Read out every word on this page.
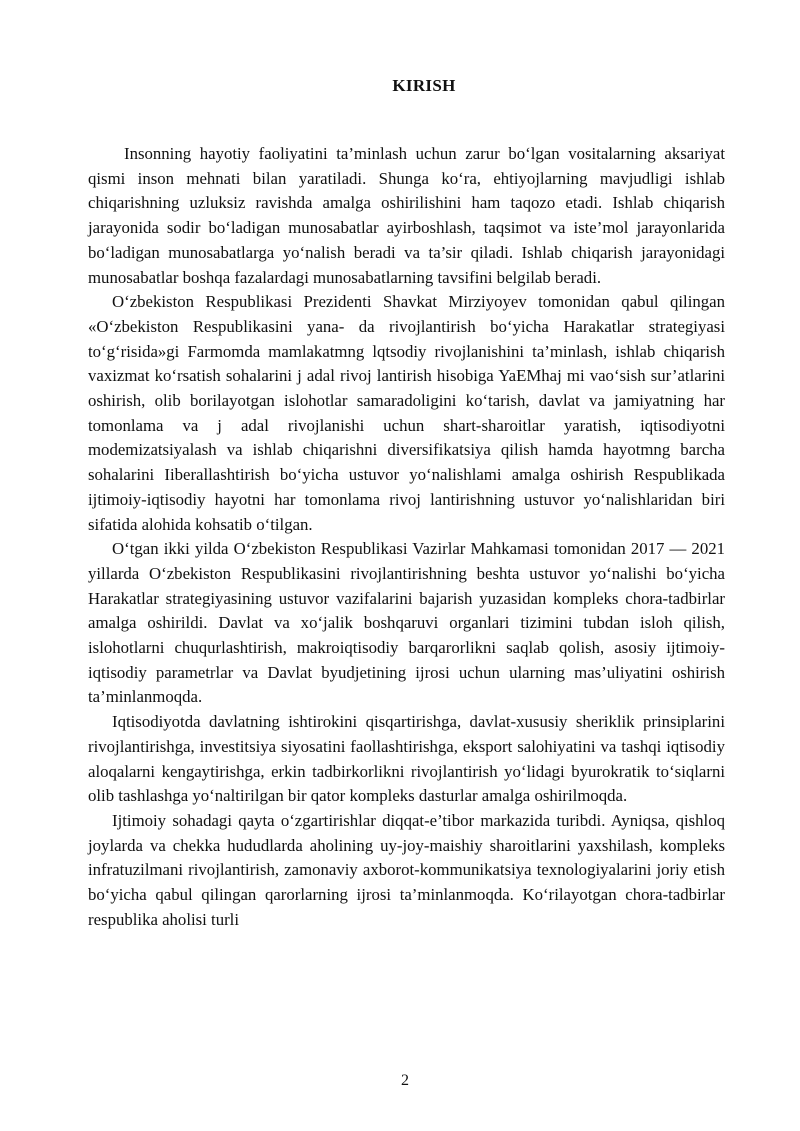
KIRISH

Insonning hayotiy faoliyatini ta’minlash uchun zarur bo‘lgan vositalarning aksariyat qismi inson mehnati bilan yaratiladi. Shunga ko‘ra, ehtiyojlarning mavjudligi ishlab chiqarishning uzluksiz ravishda amalga oshirilishini ham taqozo etadi. Ishlab chiqarish jarayonida sodir bo‘ladigan munosabatlar ayirboshlash, taqsimot va iste’mol jarayonlarida bo‘ladigan munosabatlarga yo‘nalish beradi va ta’sir qiladi. Ishlab chiqarish jarayonidagi munosabatlar boshqa fazalardagi munosabatlarning tavsifini belgilab beradi.

O‘zbekiston Respublikasi Prezidenti Shavkat Mirziyoyev tomonidan qabul qilingan «O‘zbekiston Respublikasini yana- da rivojlantirish bo‘yicha Harakatlar strategiyasi to‘g‘risida»gi Farmomda mamlakatmng lqtsodiy rivojlanishini ta’minlash, ishlab chiqarish vaxizmat ko‘rsatish sohalarini j adal rivoj lantirish hisobiga YaEMhaj mi vao‘sish sur’atlarini oshirish, olib borilayotgan islohotlar samaradoligini ko‘tarish, davlat va jamiyatning har tomonlama va j adal rivojlanishi uchun shart-sharoitlar yaratish, iqtisodiyotni modemizatsiyalash va ishlab chiqarishni diversifikatsiya qilish hamda hayotmng barcha sohalarini Iiberallashtirish bo‘yicha ustuvor yo‘nalishlami amalga oshirish Respublikada ijtimoiy-iqtisodiy hayotni har tomonlama rivoj lantirishning ustuvor yo‘nalishlaridan biri sifatida alohida kohsatib o‘tilgan.

O‘tgan ikki yilda O‘zbekiston Respublikasi Vazirlar Mahkamasi tomonidan 2017 — 2021 yillarda O‘zbekiston Respublikasini rivojlantirishning beshta ustuvor yo‘nalishi bo‘yicha Harakatlar strategiyasining ustuvor vazifalarini bajarish yuzasidan kompleks chora-tadbirlar amalga oshirildi. Davlat va xo‘jalik boshqaruvi organlari tizimini tubdan isloh qilish, islohotlarni chuqurlashtirish, makroiqtisodiy barqarorlikni saqlab qolish, asosiy ijtimoiy-iqtisodiy parametrlar va Davlat byudjetining ijrosi uchun ularning mas’uliyatini oshirish ta’minlanmoqda.

Iqtisodiyotda davlatning ishtirokini qisqartirishga, davlat-xususiy sheriklik prinsiplarini rivojlantirishga, investitsiya siyosatini faollashtirishga, eksport salohiyatini va tashqi iqtisodiy aloqalarni kengaytirishga, erkin tadbirkorlikni rivojlantirish yo‘lidagi byurokratik to‘siqlarni olib tashlashga yo‘naltirilgan bir qator kompleks dasturlar amalga oshirilmoqda.

Ijtimoiy sohadagi qayta o‘zgartirishlar diqqat-e’tibor markazida turibdi. Ayniqsa, qishloq joylarda va chekka hududlarda aholining uy-joy-maishiy sharoitlarini yaxshilash, kompleks infratuzilmani rivojlantirish, zamonaviy axborot-kommunikatsiya texnologiyalarini joriy etish bo‘yicha qabul qilingan qarorlarning ijrosi ta’minlanmoqda. Ko‘rilayotgan chora-tadbirlar respublika aholisi turli

2
